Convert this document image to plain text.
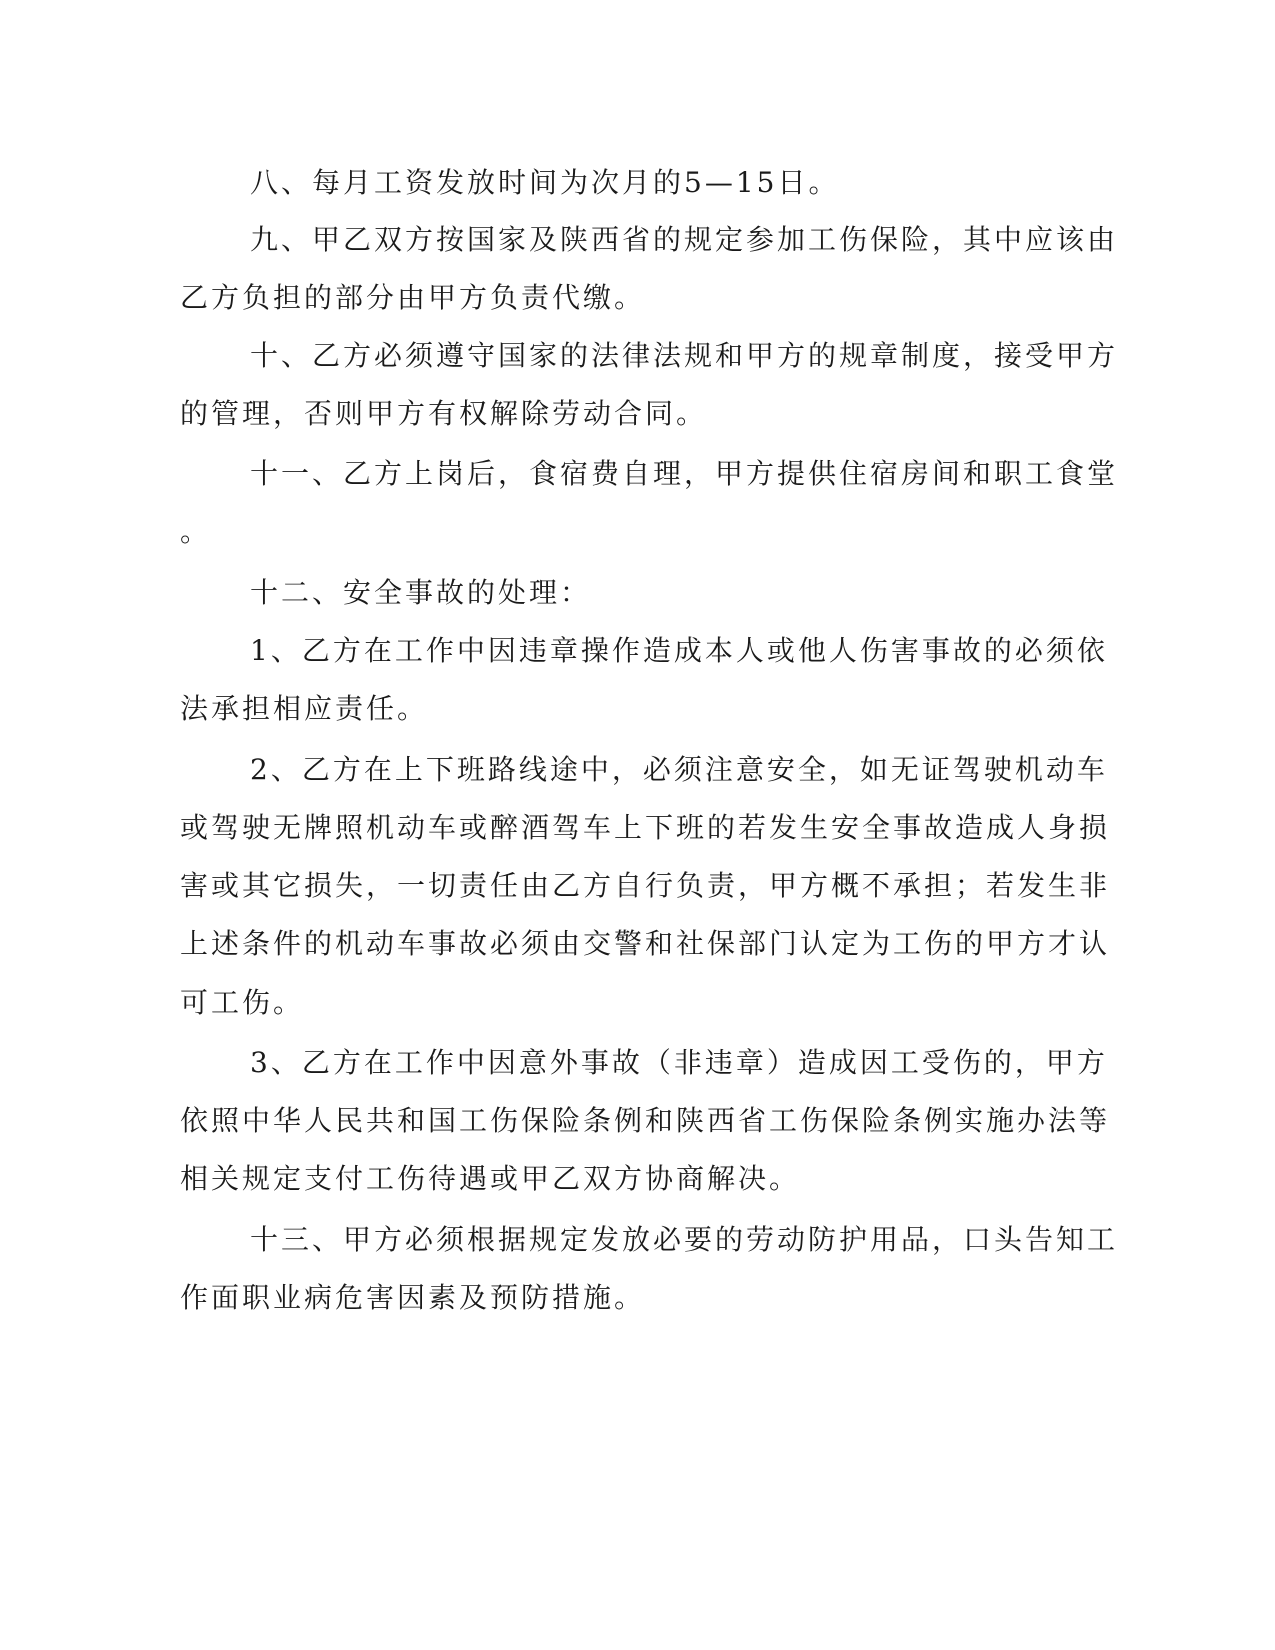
八、每月工资发放时间为次月的5—15日。
九、甲乙双方按国家及陕西省的规定参加工伤保险，其中应该由
乙方负担的部分由甲方负责代缴。
十、乙方必须遵守国家的法律法规和甲方的规章制度，接受甲方
的管理，否则甲方有权解除劳动合同。
十一、乙方上岗后，食宿费自理，甲方提供住宿房间和职工食堂
。
十二、安全事故的处理：
1、乙方在工作中因违章操作造成本人或他人伤害事故的必须依
法承担相应责任。
2、乙方在上下班路线途中，必须注意安全，如无证驾驶机动车
或驾驶无牌照机动车或醉酒驾车上下班的若发生安全事故造成人身损
害或其它损失，一切责任由乙方自行负责，甲方概不承担；若发生非
上述条件的机动车事故必须由交警和社保部门认定为工伤的甲方才认
可工伤。
3、乙方在工作中因意外事故（非违章）造成因工受伤的，甲方
依照中华人民共和国工伤保险条例和陕西省工伤保险条例实施办法等
相关规定支付工伤待遇或甲乙双方协商解决。
十三、甲方必须根据规定发放必要的劳动防护用品，口头告知工
作面职业病危害因素及预防措施。
